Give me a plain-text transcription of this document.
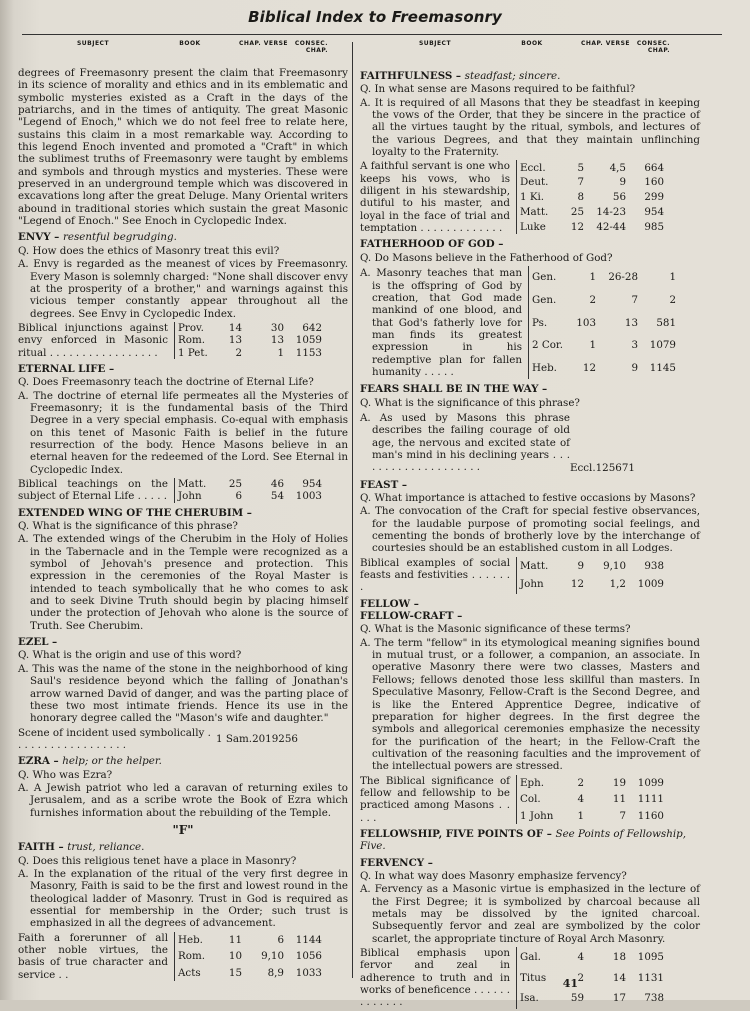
Biblical Index to Freemasonry
SUBJECT	BOOK	CHAP. VERSE	CONSEC. CHAP.

degrees of Freemasonry present the claim that Freemasonry in its science of morality and ethics and in its emblematic and symbolic mysteries existed as a Craft in the days of the patriarchs, and in the times of antiquity. The great Masonic "Legend of Enoch," which we do not feel free to relate here, sustains this claim in a most remarkable way. According to this legend Enoch invented and promoted a "Craft" in which the sublimest truths of Freemasonry were taught by emblems and symbols and through mystics and mysteries. These were preserved in an underground temple which was discovered in excavations long after the great Deluge. Many Oriental writers abound in traditional stories which sustain the great Masonic "Legend of Enoch." See Enoch in Cyclopedic Index.

ENVY – resentful begrudging.
Q. How does the ethics of Masonry treat this evil?
A. Envy is regarded as the meanest of vices by Freemasonry. Every Mason is solemnly charged: "None shall discover envy at the prosperity of a brother," and warnings against this vicious temper constantly appear throughout all the degrees. See Envy in Cyclopedic Index.
Biblical injunctions against envy enforced in Masonic ritual . . . . . . . . . . . . . . . . .
Prov.	14	30	642
Rom.	13	13	1059
1 Pet.	2	1	1153
ETERNAL LIFE –
Q. Does Freemasonry teach the doctrine of Eternal Life?
A. The doctrine of eternal life permeates all the Mysteries of Freemasonry; it is the fundamental basis of the Third Degree in a very special emphasis. Co-equal with emphasis on this tenet of Masonic Faith is belief in the future resurrection of the body. Hence Masons believe in an eternal heaven for the redeemed of the Lord. See Eternal in Cyclopedic Index.
Biblical teachings on the subject of Eternal Life . . . . .
Matt.	25	46	954
John	6	54	1003
EXTENDED WING OF THE CHERUBIM –
Q. What is the significance of this phrase?
A. The extended wings of the Cherubim in the Holy of Holies in the Tabernacle and in the Temple were recognized as a symbol of Jehovah's presence and protection. This expression in the ceremonies of the Royal Master is intended to teach symbolically that he who comes to ask and to seek Divine Truth should begin by placing himself under the protection of Jehovah who alone is the source of Truth. See Cherubim.
EZEL –
Q. What is the origin and use of this word?
A. This was the name of the stone in the neighborhood of king Saul's residence beyond which the falling of Jonathan's arrow warned David of danger, and was the parting place of these two most intimate friends. Hence its use in the honorary degree called the "Mason's wife and daughter."
Scene of incident used symbolically . . . . . . . . . . . . . . . . . .
1 Sam.	20	19	256
EZRA – help; or the helper.
Q. Who was Ezra?
A. A Jewish patriot who led a caravan of returning exiles to Jerusalem, and as a scribe wrote the Book of Ezra which furnishes information about the rebuilding of the Temple.
"F"
FAITH – trust, reliance.
Q. Does this religious tenet have a place in Masonry?
A. In the explanation of the ritual of the very first degree in Masonry, Faith is said to be the first and lowest round in the theological ladder of Masonry. Trust in God is required as essential for membership in the Order; such trust is emphasized in all the degrees of advancement.
Faith a forerunner of all other noble virtues, the basis of true character and service . .
Heb.	11	6	1144
Rom.	10	9,10	1056
Acts	15	8,9	1033
SUBJECT	BOOK	CHAP. VERSE	CONSEC. CHAP.
FAITHFULNESS – steadfast; sincere.
Q. In what sense are Masons required to be faithful?
A. It is required of all Masons that they be steadfast in keeping the vows of the Order, that they be sincere in the practice of all the virtues taught by the ritual, symbols, and lectures of the various Degrees, and that they maintain unflinching loyalty to the Fraternity.
A faithful servant is one who keeps his vows, who is diligent in his stewardship, dutiful to his master, and loyal in the face of trial and temptation . . . . . . . . . . . . .
Eccl.	5	4,5	664
Deut.	7	9	160
1 Ki.	8	56	299
Matt.	25	14-23	954
Luke	12	42-44	985
FATHERHOOD OF GOD –
Q. Do Masons believe in the Fatherhood of God?
A. Masonry teaches that man is the offspring of God by creation, that God made mankind of one blood, and that God's fatherly love for man finds its greatest expression in his redemptive plan for fallen humanity . . . . .
Gen.	1	26-28	1
Gen.	2	7	2
Ps.	103	13	581
2 Cor.	1	3	1079
Heb.	12	9	1145
FEARS SHALL BE IN THE WAY –
Q. What is the significance of this phrase?
A. As used by Masons this phrase describes the failing courage of old age, the nervous and excited state of man's mind in his declining years . . . . . . . . . . . . . . . . . . . .	Eccl.	12	5	671
FEAST –
Q. What importance is attached to festive occasions by Masons?
A. The convocation of the Craft for special festive observances, for the laudable purpose of promoting social feelings, and cementing the bonds of brotherly love by the interchange of courtesies should be an established custom in all Lodges.
Biblical examples of social feasts and festivities . . . . . . .
Matt.	9	9,10	938
John	12	1,2	1009
FELLOW –
FELLOW-CRAFT –
Q. What is the Masonic significance of these terms?
A. The term "fellow" in its etymological meaning signifies bound in mutual trust, or a follower, a companion, an associate. In operative Masonry there were two classes, Masters and Fellows; fellows denoted those less skillful than masters. In Speculative Masonry, Fellow-Craft is the Second Degree, and is like the Entered Apprentice Degree, indicative of preparation for higher degrees. In the first degree the symbols and allegorical ceremonies emphasize the necessity for the purification of the heart; in the Fellow-Craft the cultivation of the reasoning faculties and the improvement of the intellectual powers are stressed.
The Biblical significance of fellow and fellowship to be practiced among Masons . . . . .
Eph.	2	19	1099
Col.	4	11	1111
1 John	1	7	1160
FELLOWSHIP, FIVE POINTS OF – See Points of Fellowship, Five.
FERVENCY –
Q. In what way does Masonry emphasize fervency?
A. Fervency as a Masonic virtue is emphasized in the lecture of the First Degree; it is symbolized by charcoal because all metals may be dissolved by the ignited charcoal. Subsequently fervor and zeal are symbolized by the color scarlet, the appropriate tincture of Royal Arch Masonry.
Biblical emphasis upon fervor and zeal in adherence to truth and in works of beneficence . . . . . . . . . . . . .
Gal.	4	18	1095
Titus	2	14	1131
Isa.	59	17	738
41
